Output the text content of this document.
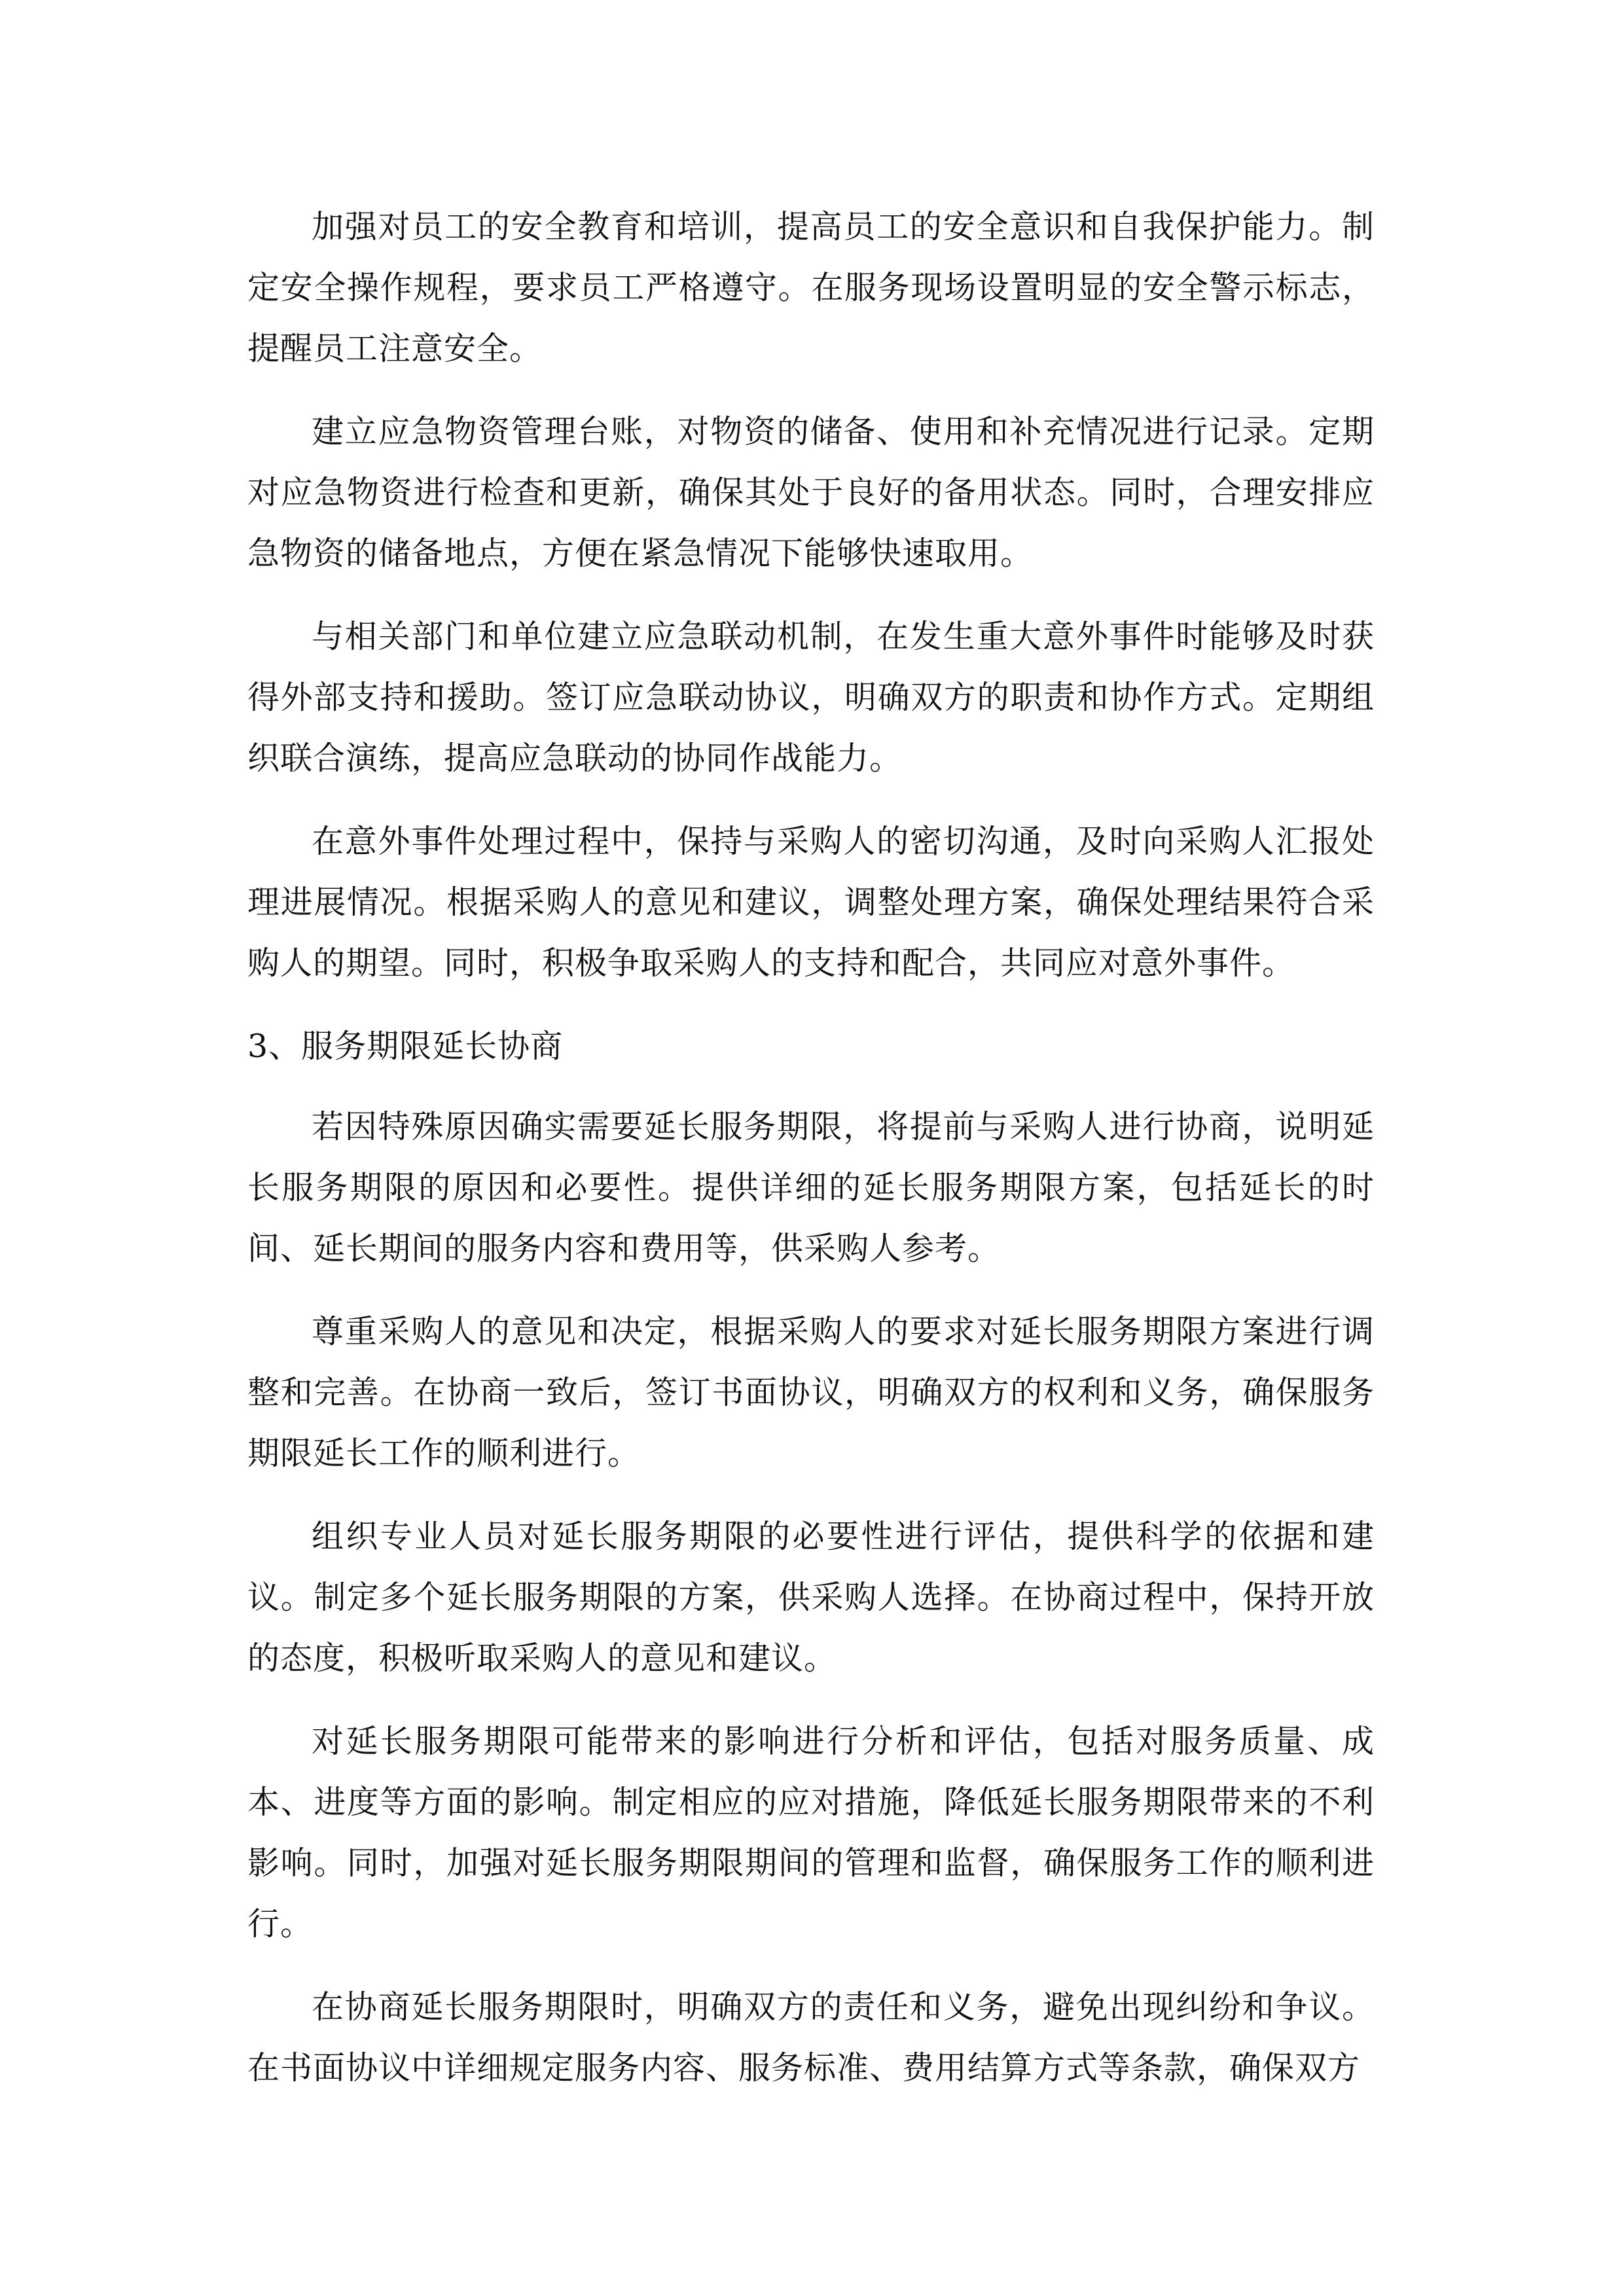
加强对员工的安全教育和培训，提高员工的安全意识和自我保护能力。制定安全操作规程，要求员工严格遵守。在服务现场设置明显的安全警示标志，提醒员工注意安全。

建立应急物资管理台账，对物资的储备、使用和补充情况进行记录。定期对应急物资进行检查和更新，确保其处于良好的备用状态。同时，合理安排应急物资的储备地点，方便在紧急情况下能够快速取用。

与相关部门和单位建立应急联动机制，在发生重大意外事件时能够及时获得外部支持和援助。签订应急联动协议，明确双方的职责和协作方式。定期组织联合演练，提高应急联动的协同作战能力。

在意外事件处理过程中，保持与采购人的密切沟通，及时向采购人汇报处理进展情况。根据采购人的意见和建议，调整处理方案，确保处理结果符合采购人的期望。同时，积极争取采购人的支持和配合，共同应对意外事件。

3、服务期限延长协商

若因特殊原因确实需要延长服务期限，将提前与采购人进行协商，说明延长服务期限的原因和必要性。提供详细的延长服务期限方案，包括延长的时间、延长期间的服务内容和费用等，供采购人参考。

尊重采购人的意见和决定，根据采购人的要求对延长服务期限方案进行调整和完善。在协商一致后，签订书面协议，明确双方的权利和义务，确保服务期限延长工作的顺利进行。

组织专业人员对延长服务期限的必要性进行评估，提供科学的依据和建议。制定多个延长服务期限的方案，供采购人选择。在协商过程中，保持开放的态度，积极听取采购人的意见和建议。

对延长服务期限可能带来的影响进行分析和评估，包括对服务质量、成本、进度等方面的影响。制定相应的应对措施，降低延长服务期限带来的不利影响。同时，加强对延长服务期限期间的管理和监督，确保服务工作的顺利进行。

在协商延长服务期限时，明确双方的责任和义务，避免出现纠纷和争议。在书面协议中详细规定服务内容、服务标准、费用结算方式等条款，确保双方
